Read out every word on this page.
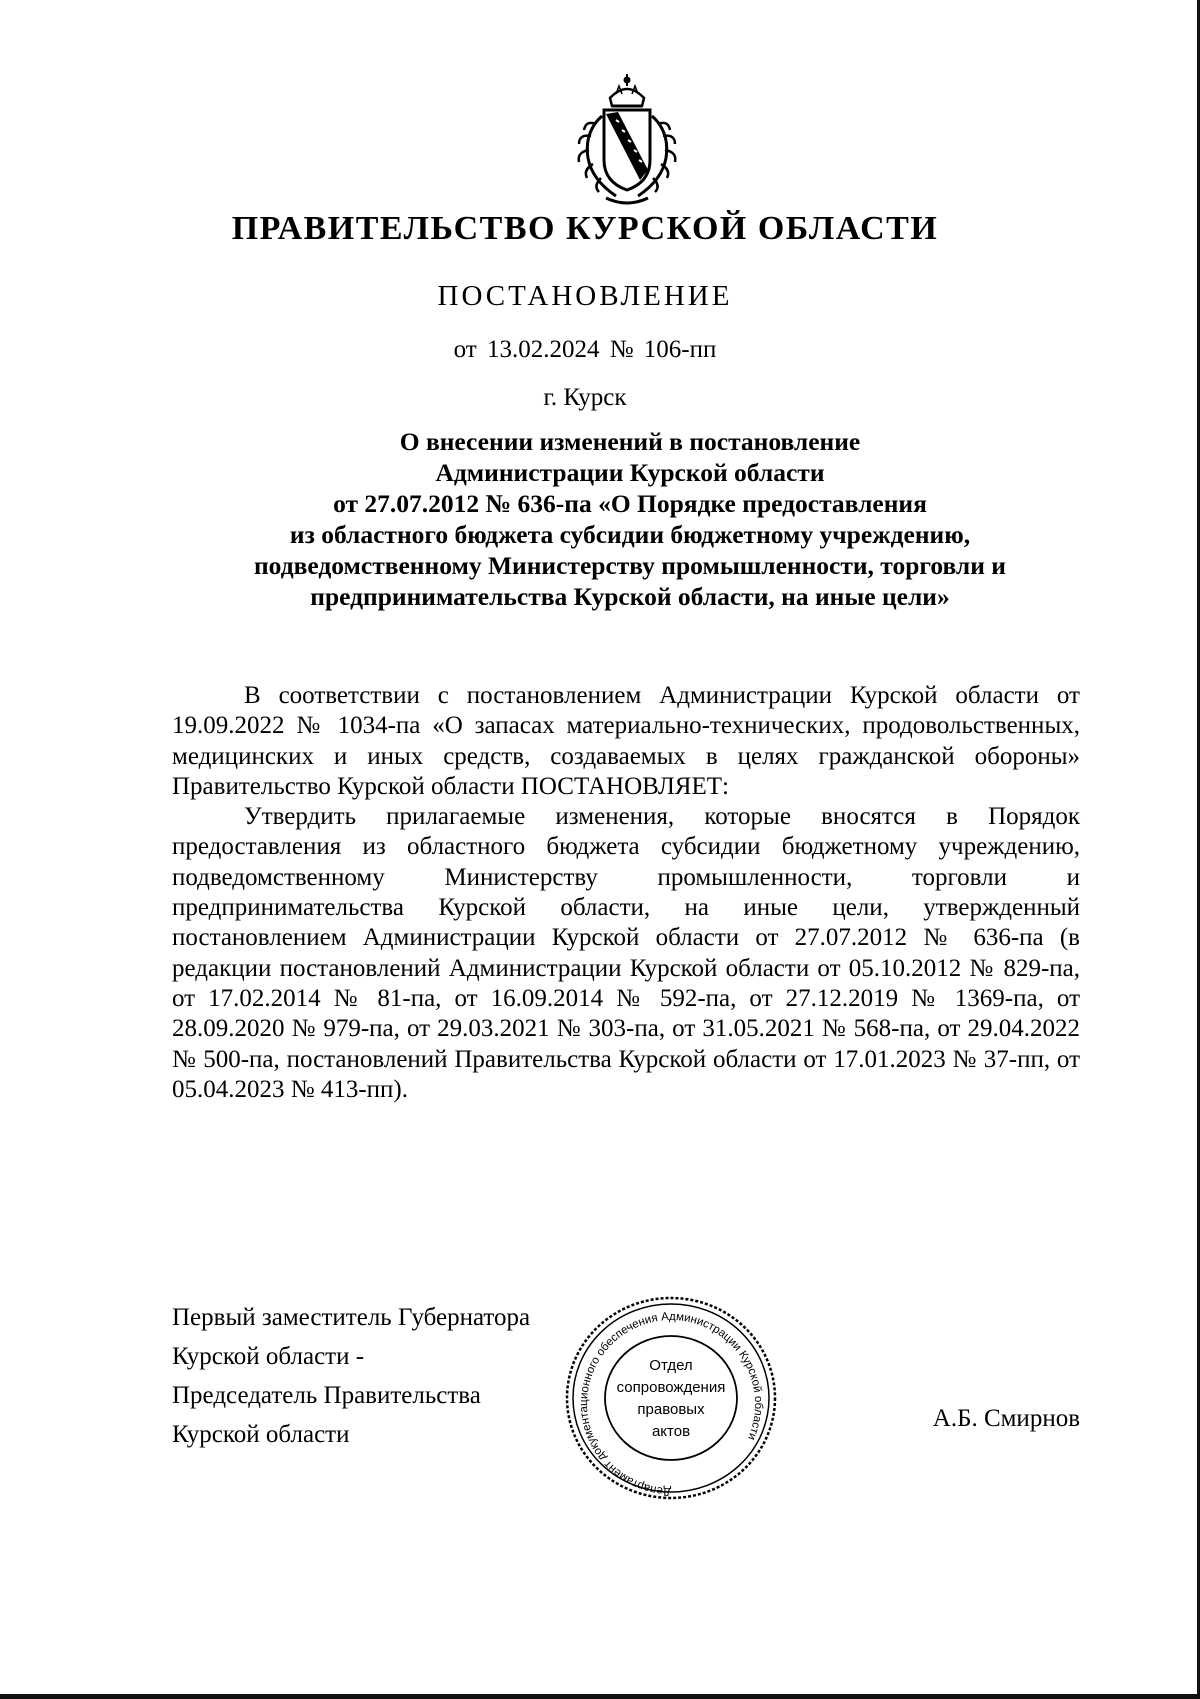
ПРАВИТЕЛЬСТВО КУРСКОЙ ОБЛАСТИ
ПОСТАНОВЛЕНИЕ
от 13.02.2024 № 106-пп
г. Курск
О внесении изменений в постановление
Администрации Курской области
от 27.07.2012 № 636-па «О Порядке предоставления
из областного бюджета субсидии бюджетному учреждению,
подведомственному Министерству промышленности, торговли и
предпринимательства Курской области, на иные цели»

В соответствии с постановлением Администрации Курской области от 19.09.2022 № 1034-па «О запасах материально-технических, продовольственных, медицинских и иных средств, создаваемых в целях гражданской обороны» Правительство Курской области ПОСТАНОВЛЯЕТ:

Утвердить прилагаемые изменения, которые вносятся в Порядок предоставления из областного бюджета субсидии бюджетному учреждению, подведомственному Министерству промышленности, торговли и предпринимательства Курской области, на иные цели, утвержденный постановлением Администрации Курской области от 27.07.2012 № 636-па (в редакции постановлений Администрации Курской области от 05.10.2012 № 829-па, от 17.02.2014 № 81-па, от 16.09.2014 № 592-па, от 27.12.2019 № 1369-па, от 28.09.2020 № 979-па, от 29.03.2021 № 303-па, от 31.05.2021 № 568-па, от 29.04.2022 № 500-па, постановлений Правительства Курской области от 17.01.2023 № 37-пп, от 05.04.2023 № 413-пп).

Первый заместитель Губернатора
Курской области -
Председатель Правительства
Курской области
Департамент документационного обеспечения Администрации Курской области
Отдел
сопровождения
правовых
актов	А.Б. Смирнов
